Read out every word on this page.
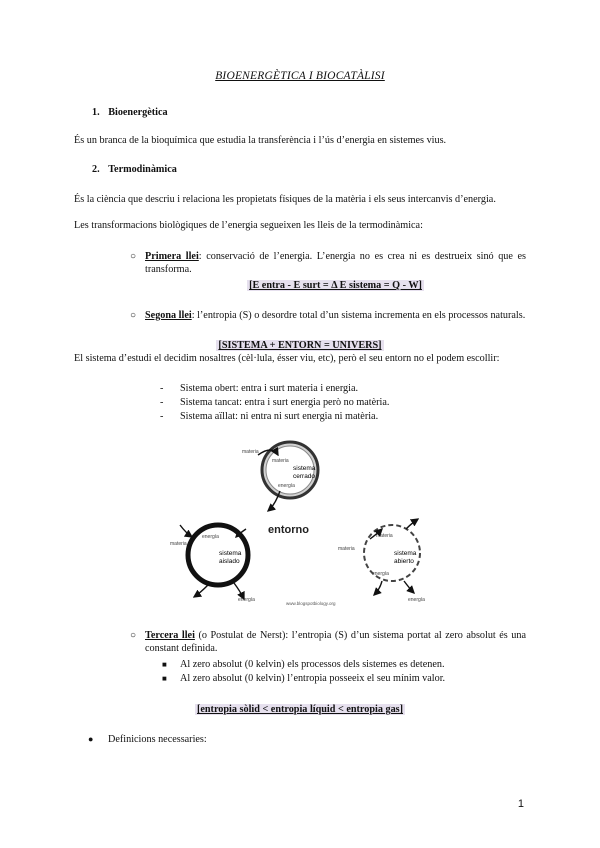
BIOENERGÈTICA I BIOCATÀLISI
1. Bioenergètica
És un branca de la bioquímica que estudia la transferència i l’ús d’energia en sistemes vius.
2. Termodinàmica
És la ciència que descriu i relaciona les propietats físiques de la matèria i els seus intercanvis d’energia.
Les transformacions biològiques de l’energia segueixen les lleis de la termodinàmica:
○ Primera llei: conservació de l’energia. L’energia no es crea ni es destrueix sinó que es transforma.
[E entra - E surt = Δ E sistema = Q - W]
○ Segona llei: l’entropia (S) o desordre total d’un sistema incrementa en els processos naturals.
[SISTEMA + ENTORN = UNIVERS]
El sistema d’estudi el decidim nosaltres (cèl·lula, ésser viu, etc), però el seu entorn no el podem escollir:
- Sistema obert: entra i surt materia i energia.
- Sistema tancat: entra i surt energia però no matèria.
- Sistema aïllat: ni entra ni surt energia ni matèria.
sistema
cerrado
materia
materia
energía
entorno
sistema
aislado
materia
energía
energía
sistema
abierto
materia
materia
energía
energía
www.blogspotbiology.org
○ Tercera llei (o Postulat de Nerst): l’entropia (S) d’un sistema portat al zero absolut és una constant definida.
■ Al zero absolut (0 kelvin) els processos dels sistemes es detenen.
■ Al zero absolut (0 kelvin) l’entropia posseeix el seu mínim valor.
[entropia sòlid < entropia líquid < entropia gas]
● Definicions necessaries:
1
